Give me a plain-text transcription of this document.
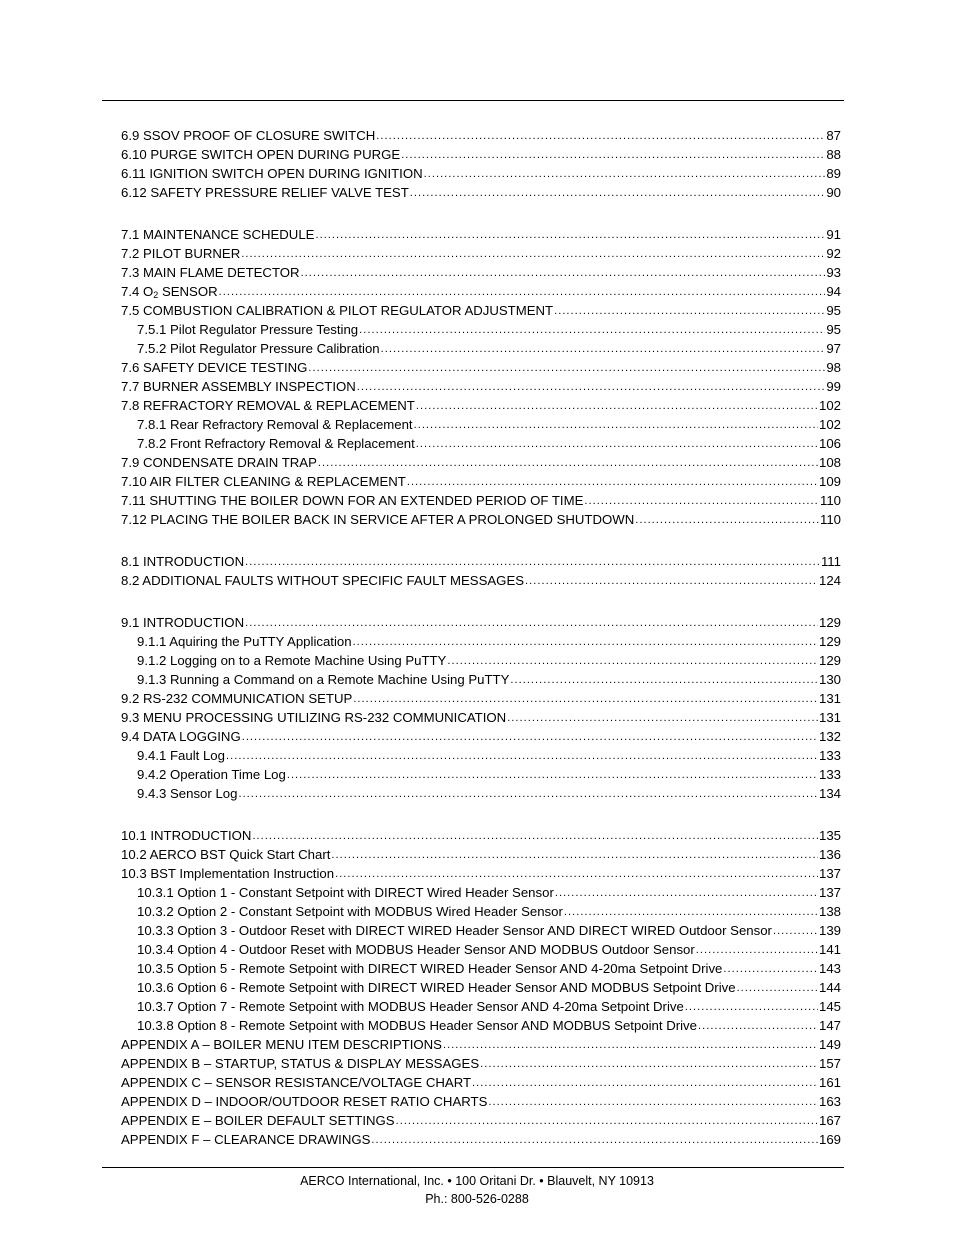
6.9 SSOV PROOF OF CLOSURE SWITCH . . .	87
6.10 PURGE SWITCH OPEN DURING PURGE . . .	88
6.11 IGNITION SWITCH OPEN DURING IGNITION . . .	89
6.12 SAFETY PRESSURE RELIEF VALVE TEST . . .	90
7.1 MAINTENANCE SCHEDULE . . .	91
7.2 PILOT BURNER . . .	92
7.3 MAIN FLAME DETECTOR . . .	93
7.4 $O_2$ SENSOR . . .	94
7.5 COMBUSTION CALIBRATION & PILOT REGULATOR ADJUSTMENT . . .	95
7.5.1 Pilot Regulator Pressure Testing . . .	95
7.5.2 Pilot Regulator Pressure Calibration . . .	97
7.6 SAFETY DEVICE TESTING . . .	98
7.7 BURNER ASSEMBLY INSPECTION . . .	99
7.8 REFRACTORY REMOVAL & REPLACEMENT . . .	102
7.8.1 Rear Refractory Removal & Replacement . . .	102
7.8.2 Front Refractory Removal & Replacement . . .	106
7.9 CONDENSATE DRAIN TRAP . . .	108
7.10 AIR FILTER CLEANING & REPLACEMENT . . .	109
7.11 SHUTTING THE BOILER DOWN FOR AN EXTENDED PERIOD OF TIME . . .	110
7.12 PLACING THE BOILER BACK IN SERVICE AFTER A PROLONGED SHUTDOWN . . .	110
8.1 INTRODUCTION . . .	111
8.2 ADDITIONAL FAULTS WITHOUT SPECIFIC FAULT MESSAGES . . .	124
9.1 INTRODUCTION . . .	129
9.1.1 Aquiring the PuTTY Application . . .	129
9.1.2 Logging on to a Remote Machine Using PuTTY . . .	129
9.1.3 Running a Command on a Remote Machine Using PuTTY . . .	130
9.2 RS-232 COMMUNICATION SETUP . . .	131
9.3 MENU PROCESSING UTILIZING RS-232 COMMUNICATION . . .	131
9.4 DATA LOGGING . . .	132
9.4.1 Fault Log . . .	133
9.4.2 Operation Time Log . . .	133
9.4.3 Sensor Log . . .	134
10.1 INTRODUCTION . . .	135
10.2 AERCO BST Quick Start Chart . . .	136
10.3 BST Implementation Instruction . . .	137
10.3.1 Option 1 - Constant Setpoint with DIRECT Wired Header Sensor . . .	137
10.3.2 Option 2 - Constant Setpoint with MODBUS Wired Header Sensor . . .	138
10.3.3 Option 3 - Outdoor Reset with DIRECT WIRED Header Sensor AND DIRECT WIRED Outdoor Sensor . . .	139
10.3.4 Option 4 - Outdoor Reset with MODBUS Header Sensor AND MODBUS Outdoor Sensor . . .	141
10.3.5 Option 5 - Remote Setpoint with DIRECT WIRED Header Sensor AND 4-20ma Setpoint Drive . . .	143
10.3.6 Option 6 - Remote Setpoint with DIRECT WIRED Header Sensor AND MODBUS Setpoint Drive . . .	144
10.3.7 Option 7 - Remote Setpoint with MODBUS Header Sensor AND 4-20ma Setpoint Drive . . .	145
10.3.8 Option 8 - Remote Setpoint with MODBUS Header Sensor AND MODBUS Setpoint Drive . . .	147
APPENDIX A – BOILER MENU ITEM DESCRIPTIONS . . .	149
APPENDIX B – STARTUP, STATUS & DISPLAY MESSAGES . . .	157
APPENDIX C – SENSOR RESISTANCE/VOLTAGE CHART . . .	161
APPENDIX D – INDOOR/OUTDOOR RESET RATIO CHARTS . . .	163
APPENDIX E – BOILER DEFAULT SETTINGS . . .	167
APPENDIX F – CLEARANCE DRAWINGS . . .	169
AERCO International, Inc. • 100 Oritani Dr. • Blauvelt, NY 10913
Ph.: 800-526-0288
